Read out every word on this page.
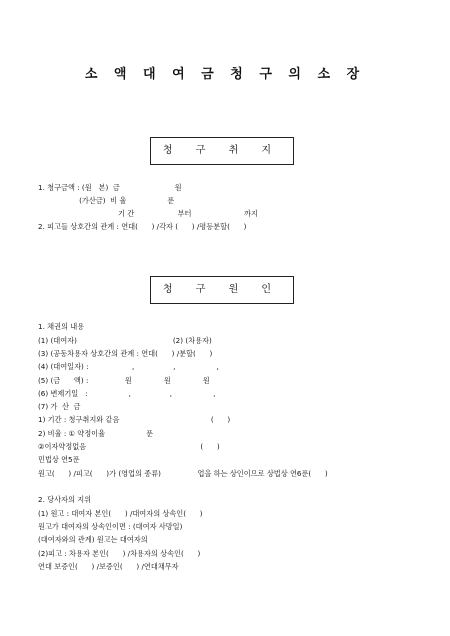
소 액 대 여 금 청 구 의 소 장
청 구 취 지
1. 청구금액 : (원   본)  금                        원
(가산금)  비 율                  푼
기 간                   부터                       까지
2. 피고들 상호간의 관계 : 연대(      ) /각자 (      ) /평등분할(      )
청 구 원 인
1. 채권의 내용
(1) (대여자)                                          (2) (차용자)
(3) (공동차용자 상호간의 관계 : 연대(      ) /분할(      )
(4) (대여일자) :                   ,                 ,                  ,
(5) (금      액) :                원              원              원
(6) 변제기일   :                  ,                 ,                  ,
(7) 가  산  금
1) 기간 : 청구취지와 같음                                        (      )
2) 비율 : ① 약정이율                  푼
②이자약정없음                                                  (      )
민법상 연5푼
원고(      ) /피고(      )가 (영업의 종류)                업을 하는 상인이므로 상법상 연6푼(      )
2. 당사자의 지위
(1) 원고 : 대여자 본인(      ) /대여자의 상속인(      )
원고가 대여자의 상속인이면 : (대여자 사망일)
(대여자와의 관계) 원고는 대여자의
(2)피고 : 차용자 본인(      ) /차용자의 상속인(      )
연대 보증인(      ) /보증인(      ) /연대채무자
